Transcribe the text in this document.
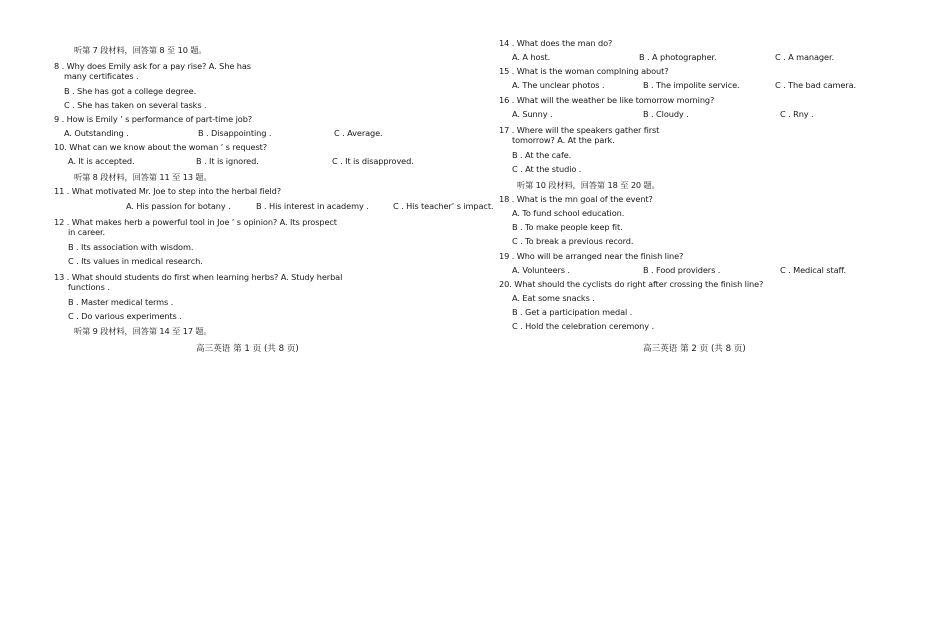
听第 7 段材料，回答第 8 至 10 题。
8 . Why does Emily ask for a pay rise? A. She has
many certificates .
B . She has got a college degree.
C . She has taken on several tasks .
9 . How is Emily ’ s performance of part-time job?
A. Outstanding .	B . Disappointing .	C . Average.
10. What can we know about the woman ’ s request?
A. It is accepted.	B . It is ignored.	C . It is disapproved.
听第 8 段材料，回答第 11 至 13 题。
11 . What motivated Mr. Joe to step into the herbal field?
A. His passion for botany .	B . His interest in academy .	C . His teacher’ s impact.
12 . What makes herb a powerful tool in Joe ’ s opinion? A. Its prospect
in career.
B . Its association with wisdom.
C . Its values in medical research.
13 . What should students do first when learning herbs? A. Study herbal
functions .
B . Master medical terms .
C . Do various experiments .
听第 9 段材料，回答第 14 至 17 题。
高三英语 第 1 页 (共 8 页)
14 . What does the man do?
A. A host.	B . A photographer.	C . A manager.
15 . What is the woman complning about?
A. The unclear photos .	B . The impolite service.	C . The bad camera.
16 . What will the weather be like tomorrow morning?
A. Sunny .	B . Cloudy .	C . Rny .
17 . Where will the speakers gather first
tomorrow? A. At the park.
B . At the cafe.
C . At the studio .
听第 10 段材料，回答第 18 至 20 题。
18 . What is the mn goal of the event?
A. To fund school education.
B . To make people keep fit.
C . To break a previous record.
19 . Who will be arranged near the finish line?
A. Volunteers .	B . Food providers .	C . Medical staff.
20. What should the cyclists do right after crossing the finish line?
A. Eat some snacks .
B . Get a participation medal .
C . Hold the celebration ceremony .
高三英语 第 2 页 (共 8 页)
